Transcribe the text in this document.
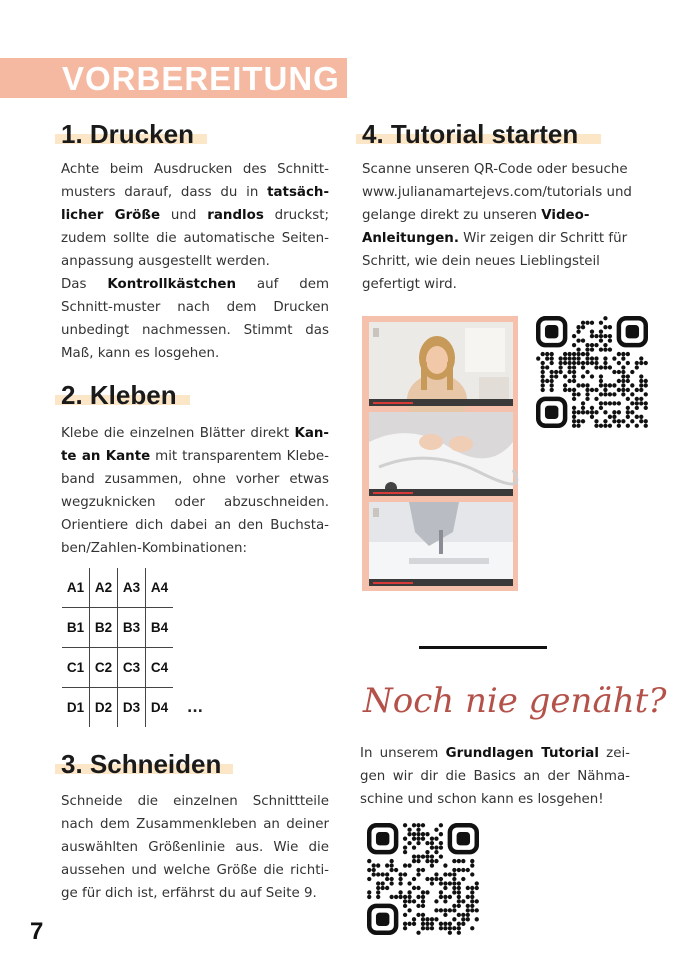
VORBEREITUNG
1. Drucken

Achte beim Ausdrucken des Schnitt-musters darauf, dass du in tatsäch-licher Größe und randlos druckst; zudem sollte die automatische Seiten-anpassung ausgestellt werden.

Das Kontrollkästchen auf dem Schnitt-muster nach dem Drucken unbedingt nachmessen. Stimmt das Maß, kann es losgehen.

2. Kleben

Klebe die einzelnen Blätter direkt Kan-te an Kante mit transparentem Klebe-band zusammen, ohne vorher etwas wegzuknicken oder abzuschneiden. Orientiere dich dabei an den Buchsta-ben/Zahlen-Kombinationen:

A1	A2	A3	A4
B1	B2	B3	B4
C1	C2	C3	C4
D1	D2	D3	D4 ...
3. Schneiden

Schneide die einzelnen Schnittteile nach dem Zusammenkleben an deiner auswählten Größenlinie aus. Wie die aussehen und welche Größe die richti-ge für dich ist, erfährst du auf Seite 9.

4. Tutorial starten

Scanne unseren QR-Code oder besuche www.julianamartejevs.com/tutorials und gelange direkt zu unseren Video-Anleitungen. Wir zeigen dir Schritt für Schritt, wie dein neues Lieblingsteil gefertigt wird.

Noch nie genäht?

In unserem Grundlagen Tutorial zei-gen wir dir die Basics an der Nähma-schine und schon kann es losgehen!

7
